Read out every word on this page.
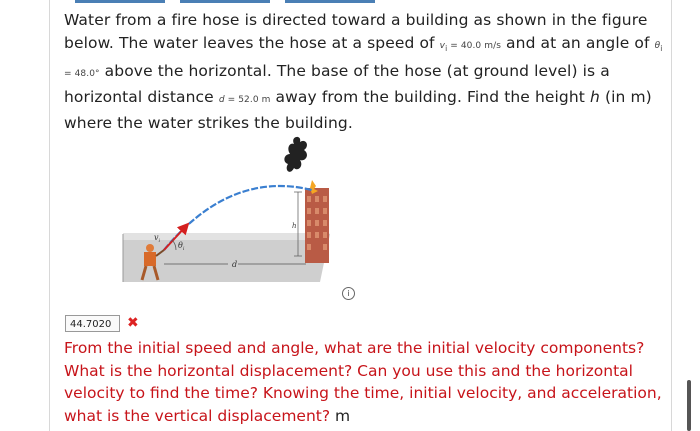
Water from a fire hose is directed toward a building as shown in the figure below. The water leaves the hose at a speed of $v_i = 40.0$ m/s and at an angle of $\theta_i = 48.0^\circ$ above the horizontal. The base of the hose (at ground level) is a horizontal distance d = 52.0 m away from the building. Find the height h (in m) where the water strikes the building.
$v_i$ $\theta_i$
d
h
i
44.7020	✖
From the initial speed and angle, what are the initial velocity components? What is the horizontal displacement? Can you use this and the horizontal velocity to find the time? Knowing the time, initial velocity, and acceleration, what is the vertical displacement? m
